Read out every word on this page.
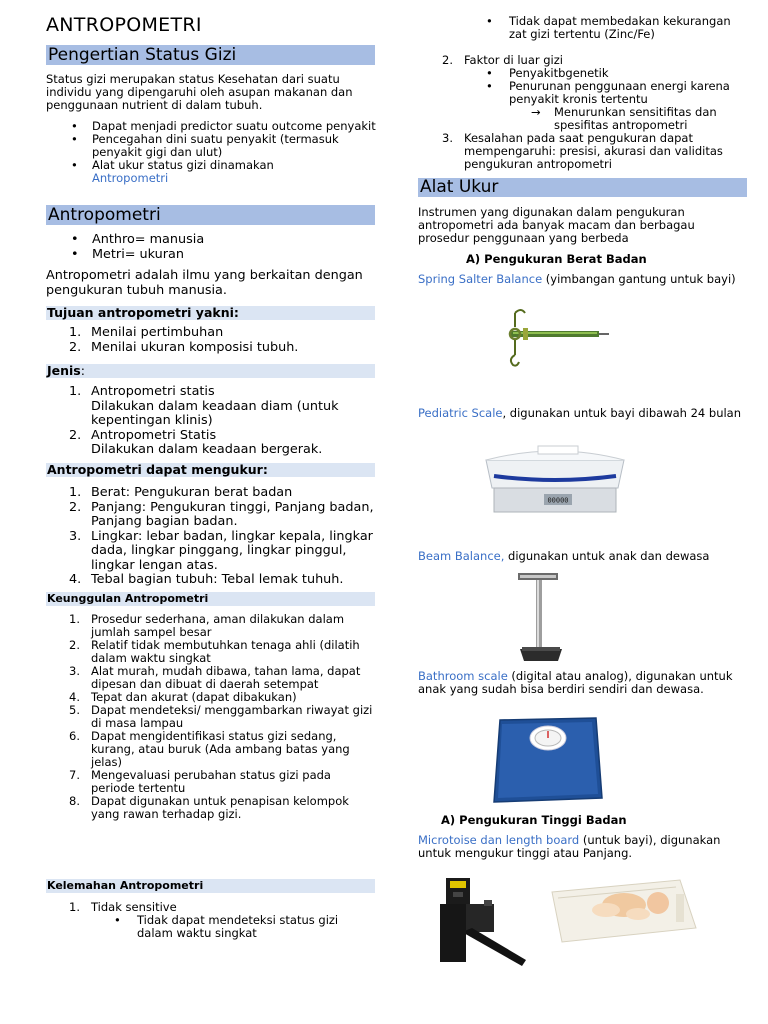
ANTROPOMETRI
Pengertian Status Gizi
Status gizi merupakan status Kesehatan dari suatu individu yang dipengaruhi oleh asupan makanan dan penggunaan nutrient di dalam tubuh.
• Dapat menjadi predictor suatu outcome penyakit
• Pencegahan dini suatu penyakit (termasuk penyakit gigi dan ulut)
• Alat ukur status gizi dinamakan
Antropometri
Antropometri
• Anthro= manusia
• Metri= ukuran
Antropometri adalah ilmu yang berkaitan dengan pengukuran tubuh manusia.
Tujuan antropometri yakni:
1. Menilai pertimbuhan
2. Menilai ukuran komposisi tubuh.
Jenis:
1. Antropometri statis
Dilakukan dalam keadaan diam (untuk kepentingan klinis)
2. Antropometri Statis
Dilakukan dalam keadaan bergerak.
Antropometri dapat mengukur:
1. Berat: Pengukuran berat badan
2. Panjang: Pengukuran tinggi, Panjang badan, Panjang bagian badan.
3. Lingkar: lebar badan, lingkar kepala, lingkar dada, lingkar pinggang, lingkar pinggul, lingkar lengan atas.
4. Tebal bagian tubuh: Tebal lemak tuhuh.
Keunggulan Antropometri
1. Prosedur sederhana, aman dilakukan dalam jumlah sampel besar
2. Relatif tidak membutuhkan tenaga ahli (dilatih dalam waktu singkat
3. Alat murah, mudah dibawa, tahan lama, dapat dipesan dan dibuat di daerah setempat
4. Tepat dan akurat (dapat dibakukan)
5. Dapat mendeteksi/ menggambarkan riwayat gizi di masa lampau
6. Dapat mengidentifikasi status gizi sedang, kurang, atau buruk (Ada ambang batas yang jelas)
7. Mengevaluasi perubahan status gizi pada periode tertentu
8. Dapat digunakan untuk penapisan kelompok yang rawan terhadap gizi.
Kelemahan Antropometri
1. Tidak sensitive
• Tidak dapat mendeteksi status gizi dalam waktu singkat
• Tidak dapat membedakan kekurangan zat gizi tertentu (Zinc/Fe)
2. Faktor di luar gizi
• Penyakitbgenetik
• Penurunan penggunaan energi karena penyakit kronis tertentu
→ Menurunkan sensitifitas dan spesifitas antropometri
3. Kesalahan pada saat pengukuran dapat mempengaruhi: presisi, akurasi dan validitas pengukuran antropometri
Alat Ukur
Instrumen yang digunakan dalam pengukuran antropometri ada banyak macam dan berbagau prosedur penggunaan yang berbeda
A) Pengukuran Berat Badan
Spring Salter Balance (yimbangan gantung untuk bayi)
Pediatric Scale, digunakan untuk bayi dibawah 24 bulan
00000
Beam Balance, digunakan untuk anak dan dewasa
Bathroom scale (digital atau analog), digunakan untuk anak yang sudah bisa berdiri sendiri dan dewasa.
A) Pengukuran Tinggi Badan
Microtoise dan length board (untuk bayi), digunakan untuk mengukur tinggi atau Panjang.
